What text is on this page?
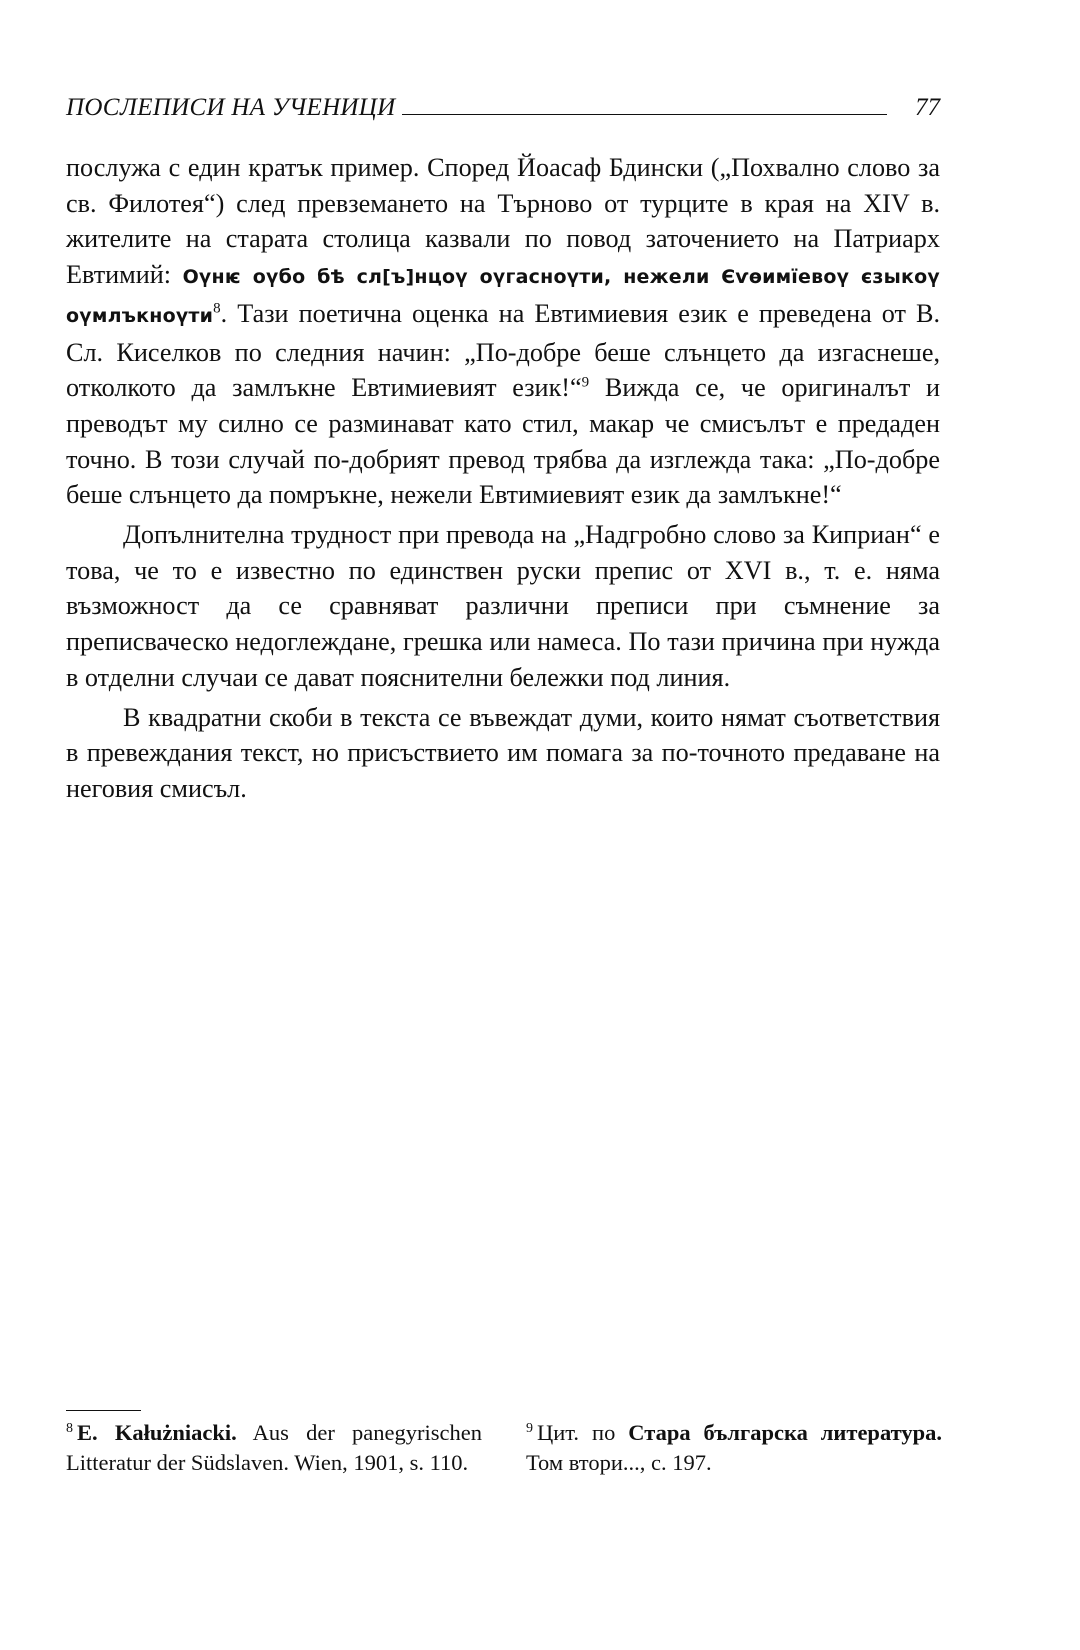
ПОСЛЕПИСИ НА УЧЕНИЦИ	77

послужа с един кратък пример. Според Йоасаф Бдински („Похвално слово за св. Филотея“) след превземането на Търново от турците в края на XIV в. жителите на старата столица казвали по повод заточението на Патриарх Евтимий: Оүнѥ оүбо бѣ сл[ъ]нцоү оүгаснoүти, нежели Єѵѳимїевоү єзыкоү оүмлъкноүти$^8$. Тази поетична оценка на Евтимиевия език е преведена от В. Сл. Киселков по следния начин: „По-добре беше слънцето да изгаснеше, отколкото да замлъкне Евтимиевият език!“$^9$ Вижда се, че оригиналът и преводът му силно се разминават като стил, макар че смисълът е предаден точно. В този случай по-добрият превод трябва да изглежда така: „По-добре беше слънцето да помръкне, нежели Евтимиевият език да замлъкне!“

Допълнителна трудност при превода на „Надгробно слово за Киприан“ е това, че то е известно по единствен руски препис от XVI в., т. е. няма възможност да се сравняват различни преписи при съмнение за преписваческо недоглеждане, грешка или намеса. По тази причина при нужда в отделни случаи се дават пояснителни бележки под линия.

В квадратни скоби в текста се въвеждат думи, които нямат съответствия в превеждания текст, но присъствието им помага за по-точното предаване на неговия смисъл.

$^8$ E. Kałużniacki. Aus der panegyrischen Litteratur der Südslaven. Wien, 1901, s. 110.
$^9$ Цит. по Стара българска литература. Том втори..., с. 197.
